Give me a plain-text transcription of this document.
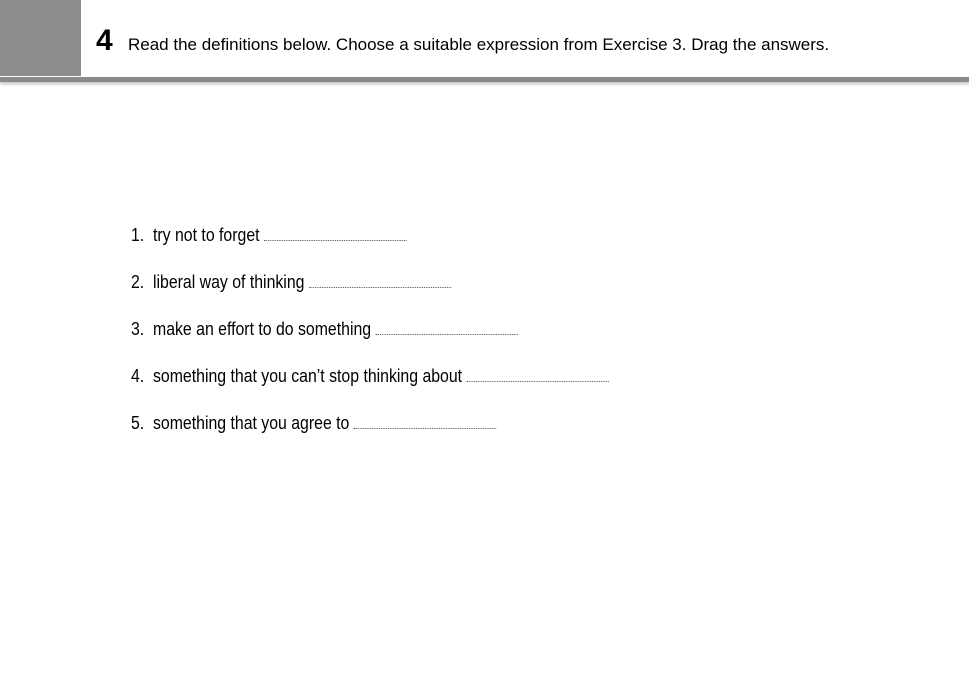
4 Read the definitions below. Choose a suitable expression from Exercise 3. Drag the answers.
1. try not to forget
2. liberal way of thinking
3. make an effort to do something
4. something that you can’t stop thinking about
5. something that you agree to
